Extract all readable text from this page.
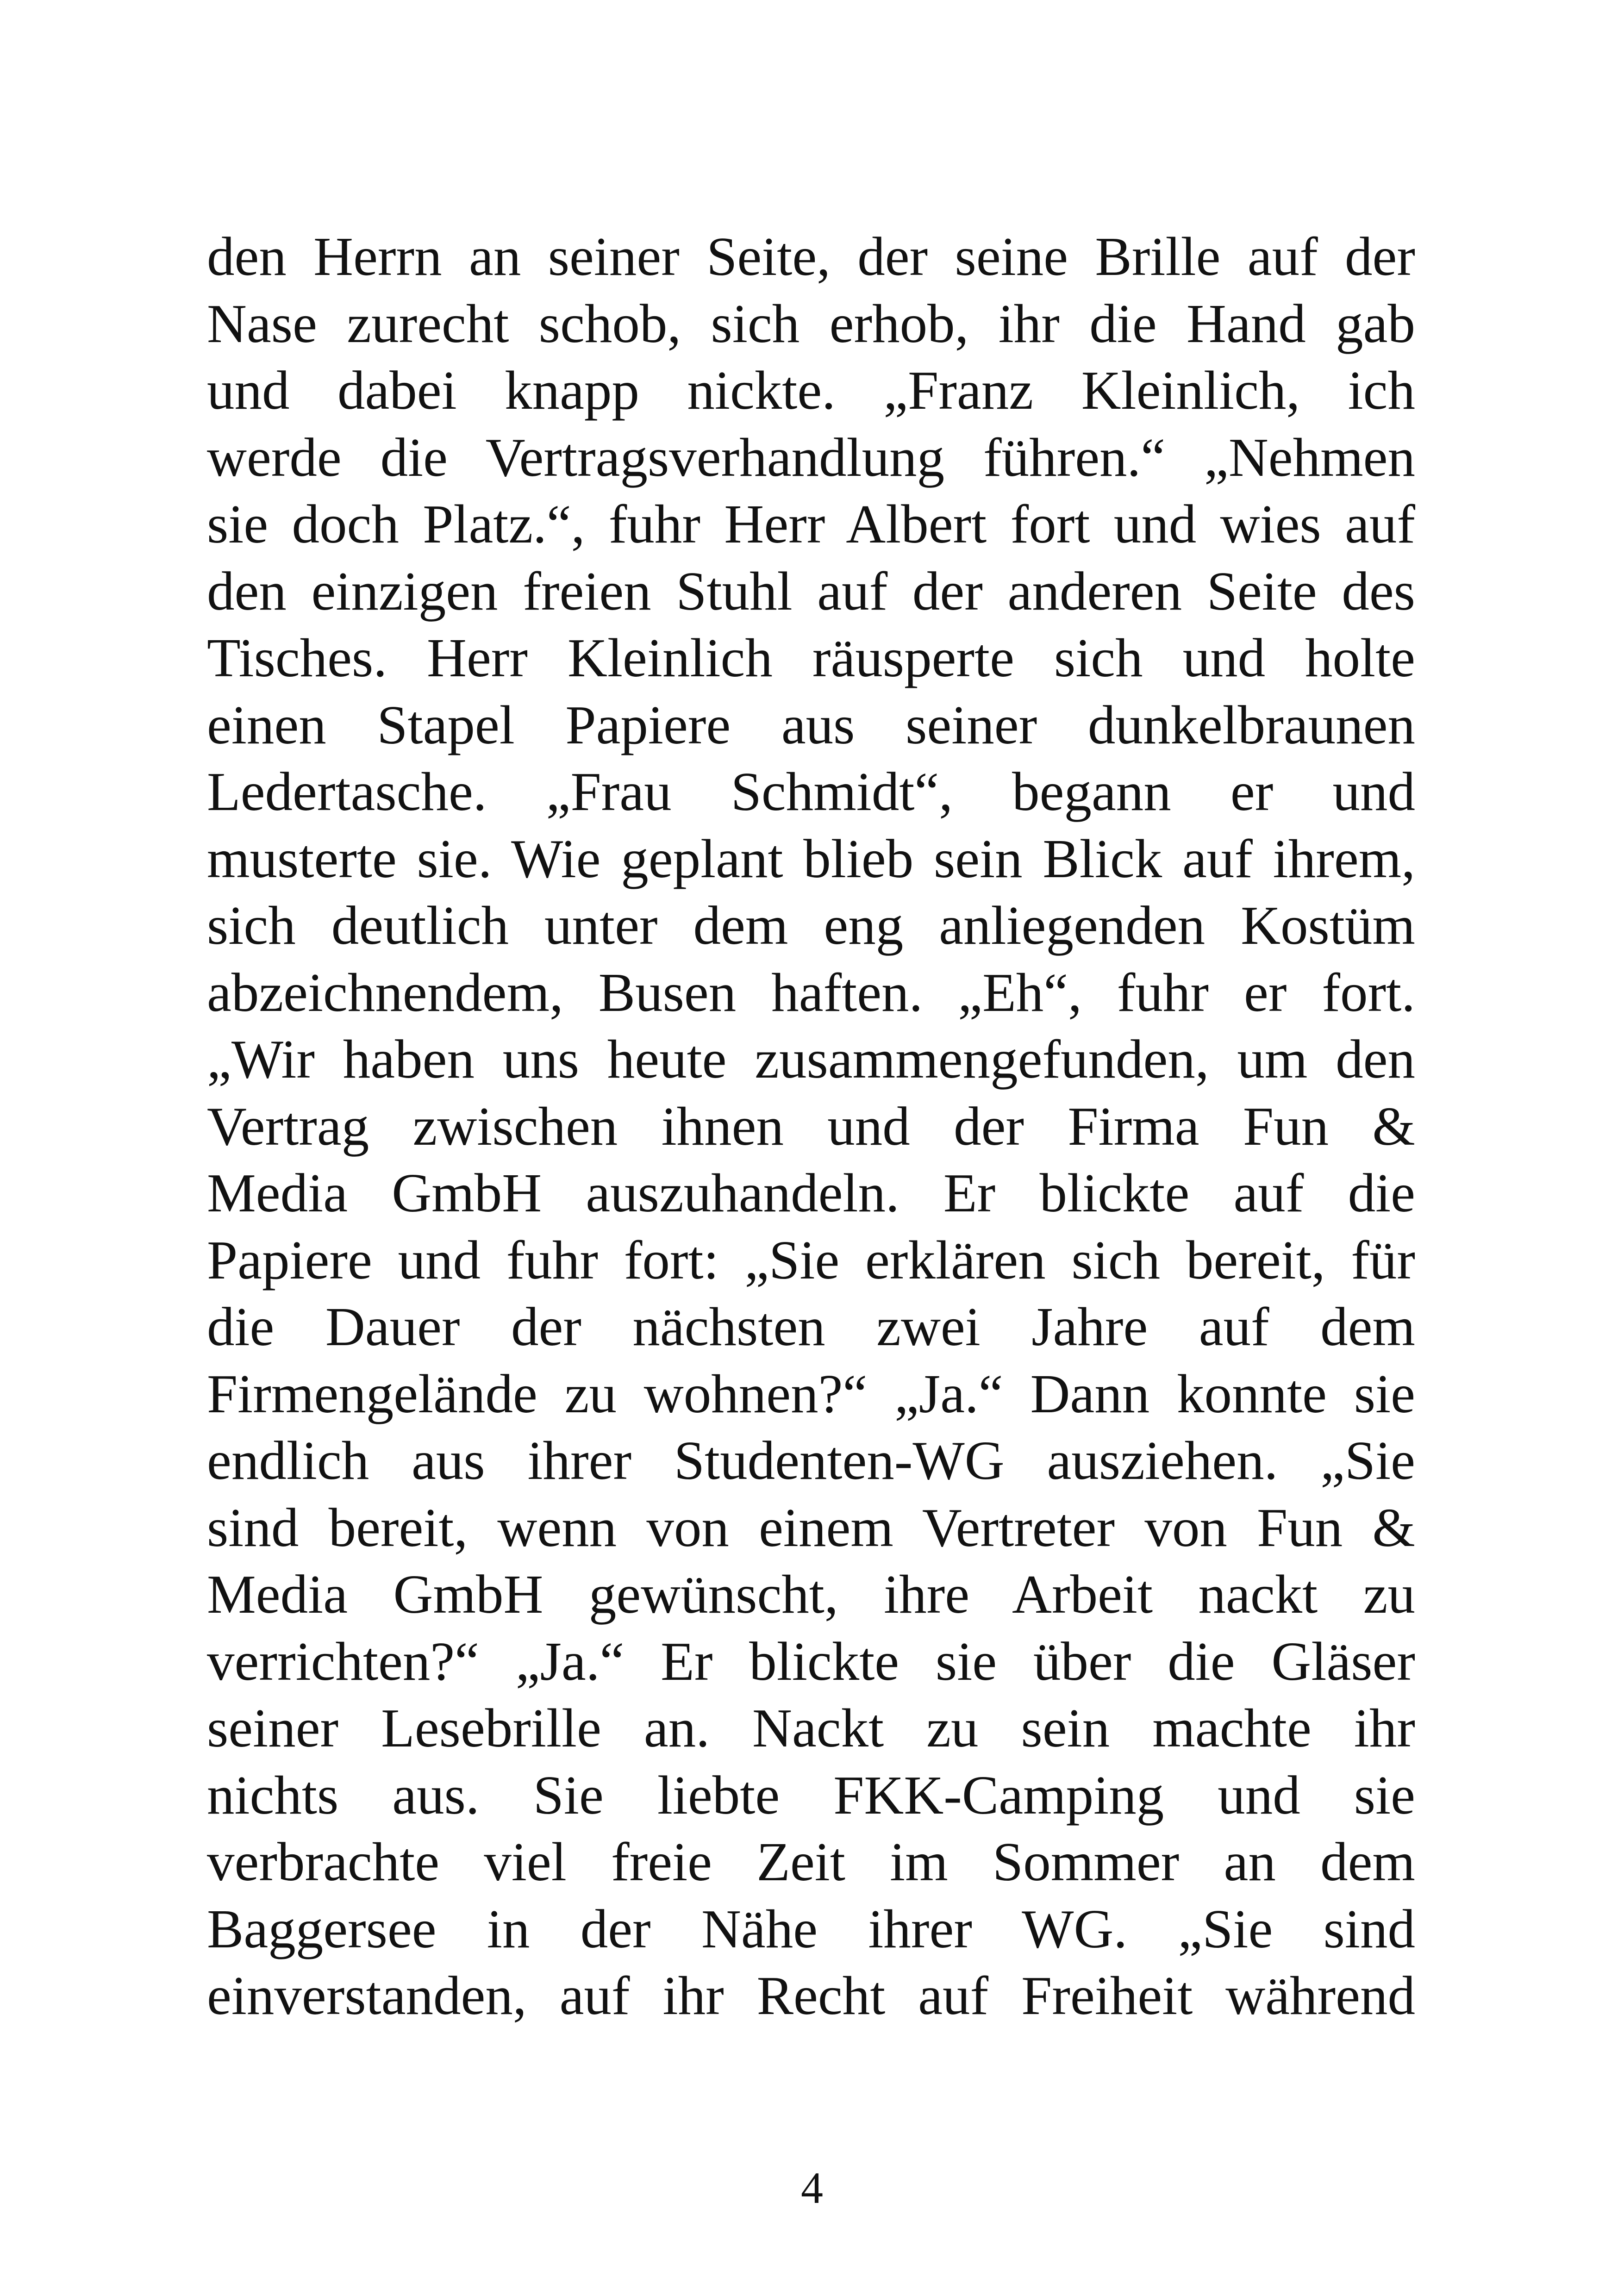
den Herrn an seiner Seite, der seine Brille auf der
Nase zurecht schob, sich erhob, ihr die Hand gab
und dabei knapp nickte. „Franz Kleinlich, ich
werde die Vertragsverhandlung führen.“ „Nehmen
sie doch Platz.“, fuhr Herr Albert fort und wies auf
den einzigen freien Stuhl auf der anderen Seite des
Tisches. Herr Kleinlich räusperte sich und holte
einen Stapel Papiere aus seiner dunkelbraunen
Ledertasche. „Frau Schmidt“, begann er und
musterte sie. Wie geplant blieb sein Blick auf ihrem,
sich deutlich unter dem eng anliegenden Kostüm
abzeichnendem, Busen haften. „Eh“, fuhr er fort.
„Wir haben uns heute zusammengefunden, um den
Vertrag zwischen ihnen und der Firma Fun &
Media GmbH auszuhandeln. Er blickte auf die
Papiere und fuhr fort: „Sie erklären sich bereit, für
die Dauer der nächsten zwei Jahre auf dem
Firmengelände zu wohnen?“ „Ja.“ Dann konnte sie
endlich aus ihrer Studenten-WG ausziehen. „Sie
sind bereit, wenn von einem Vertreter von Fun &
Media GmbH gewünscht, ihre Arbeit nackt zu
verrichten?“ „Ja.“ Er blickte sie über die Gläser
seiner Lesebrille an. Nackt zu sein machte ihr
nichts aus. Sie liebte FKK-Camping und sie
verbrachte viel freie Zeit im Sommer an dem
Baggersee in der Nähe ihrer WG. „Sie sind
einverstanden, auf ihr Recht auf Freiheit während
4
